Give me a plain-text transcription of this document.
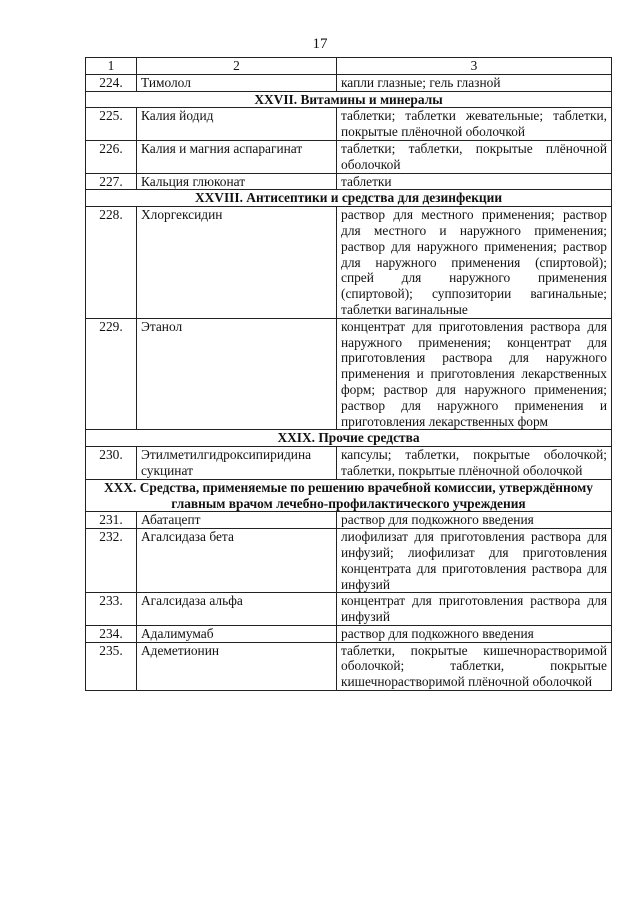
17
1	2	3
224.	Тимолол	капли глазные; гель глазной
XXVII. Витамины и минералы		
225.	Калия йодид	таблетки; таблетки жевательные; таблетки, покрытые плёночной оболочкой
226.	Калия и магния аспарагинат	таблетки; таблетки, покрытые плёночной оболочкой
227.	Кальция глюконат	таблетки
XXVIII. Антисептики и средства для дезинфекции		
228.	Хлоргексидин	раствор для местного применения; раствор для местного и наружного применения; раствор для наружного применения; раствор для наружного применения (спиртовой); спрей для наружного применения (спиртовой); суппозитории вагинальные; таблетки вагинальные
229.	Этанол	концентрат для приготовления раствора для наружного применения; концентрат для приготовления раствора для наружного применения и приготовления лекарственных форм; раствор для наружного применения; раствор для наружного применения и приготовления лекарственных форм
XXIX. Прочие средства		
230.	Этилметилгидроксипиридина сукцинат	капсулы; таблетки, покрытые оболочкой; таблетки, покрытые плёночной оболочкой
XXX. Средства, применяемые по решению врачебной комиссии, утверждённому главным врачом лечебно-профилактического учреждения		
231.	Абатацепт	раствор для подкожного введения
232.	Агалсидаза бета	лиофилизат для приготовления раствора для инфузий; лиофилизат для приготовления концентрата для приготовления раствора для инфузий
233.	Агалсидаза альфа	концентрат для приготовления раствора для инфузий
234.	Адалимумаб	раствор для подкожного введения
235.	Адеметионин	таблетки, покрытые кишечнорастворимой оболочкой; таблетки, покрытые кишечнорастворимой плёночной оболочкой
